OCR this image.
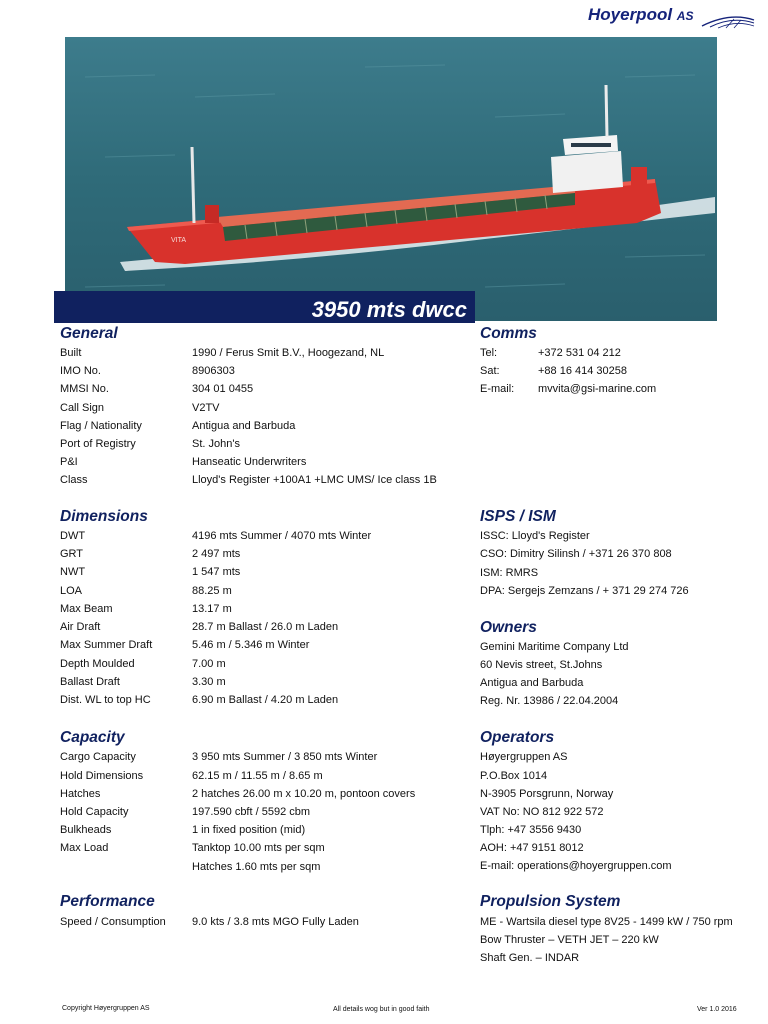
Hoyerpool AS
VITA
3950 mts dwcc
General
Built	1990 / Ferus Smit B.V., Hoogezand, NL
IMO No.	8906303
MMSI No.	304 01 0455
Call Sign	V2TV
Flag / Nationality	Antigua and Barbuda
Port of Registry	St. John's
P&I	Hanseatic Underwriters
Class	Lloyd's Register +100A1 +LMC UMS/ Ice class 1B
Comms
Tel:	+372 531 04 212
Sat:	+88 16 414 30258
E-mail: mvvita@gsi-marine.com
Dimensions
DWT	4196 mts Summer / 4070 mts Winter
GRT	2 497 mts
NWT	1 547 mts
LOA	88.25 m
Max Beam	13.17 m
Air Draft	28.7 m Ballast / 26.0 m Laden
Max Summer Draft	5.46 m / 5.346 m Winter
Depth Moulded	7.00 m
Ballast Draft	3.30 m
Dist. WL to top HC	6.90 m Ballast / 4.20 m Laden
ISPS / ISM
ISSC: Lloyd's Register
CSO: Dimitry Silinsh / +371 26 370 808
ISM: RMRS
DPA: Sergejs Zemzans / + 371 29 274 726
Owners
Gemini Maritime Company Ltd
60 Nevis street, St.Johns
Antigua and Barbuda
Reg. Nr. 13986 / 22.04.2004
Capacity
Cargo Capacity	3 950 mts Summer / 3 850 mts Winter
Hold Dimensions	62.15 m / 11.55 m / 8.65 m
Hatches	2 hatches 26.00 m x 10.20 m, pontoon covers
Hold Capacity	197.590 cbft / 5592 cbm
Bulkheads	1 in fixed position (mid)
Max Load	Tanktop 10.00 mts per sqm
Hatches 1.60 mts per sqm
Operators
Høyergruppen AS
P.O.Box 1014
N-3905 Porsgrunn, Norway
VAT No: NO 812 922 572
Tlph: +47 3556 9430
AOH: +47 9151 8012
E-mail: operations@hoyergruppen.com
Performance
Speed / Consumption 9.0 kts / 3.8 mts MGO Fully Laden
Propulsion System
ME - Wartsila diesel type 8V25 - 1499 kW / 750 rpm
Bow Thruster – VETH JET – 220 kW
Shaft Gen. – INDAR
Copyright Høyergruppen AS	All details wog but in good faith	Ver 1.0 2016
